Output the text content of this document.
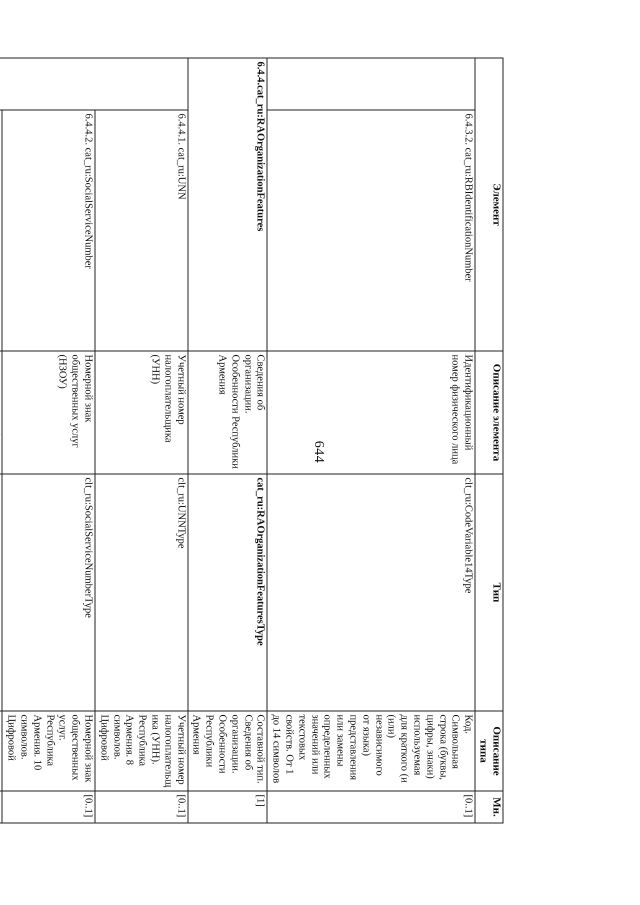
644
Элемент		Описание элемента	Тип	Описание типа	Мн.
	6.4.3.2. cat_ru:RBIdentificationNumber	Идентификационный номер физического лица	clt_ru:CodeVariable14Type	Код. Символьная строка (буквы, цифры, знаки) используемая для краткого (и (или) независимого от языка) представления или замены определенных значений или текстовых свойств. От 1 до 14 символов	[0..1]
6.4.4.cat_ru:RAOrganizationFeatures		Сведения об организации. Особенности Республики Армения	cat_ru:RAOrganizationFeaturesType	Составной тип. Сведения об организации. Особенности Республики Армения	[1]
	6.4.4.1. cat_ru:UNN	Учетный номер налогоплательщика (УНН)	clt_ru:UNNType	Учетный номер налогоплательщика (УНН). Республика Армения. 8 символов. Цифровой	[0..1]
	6.4.4.2. cat_ru:SocialServiceNumber	Номерной знак общественных услуг (НЗОУ)	clt_ru:SocialServiceNumberType	Номерной знак общественных услуг. Республика Армения. 10 символов. Цифровой	[0..1]
